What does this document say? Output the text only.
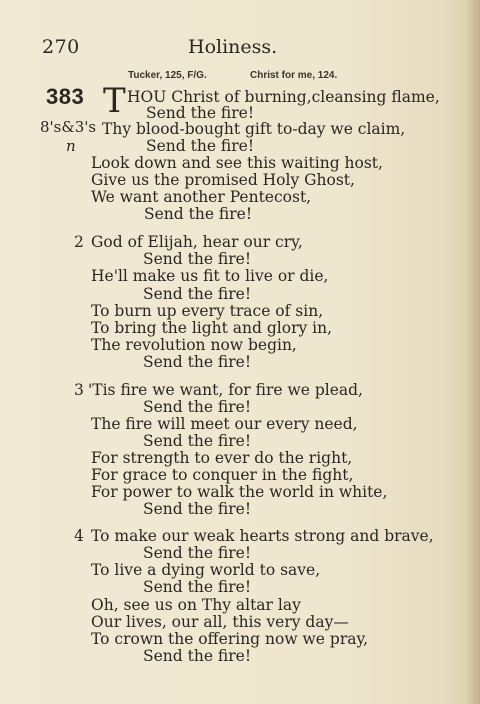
270	Holiness.
Tucker, 125, F/G.	Christ for me, 124.
383 T
8's&3's
n
HOU Christ of burning,cleansing flame,
Send the fire!
Thy blood-bought gift to-day we claim,
Send the fire!
Look down and see this waiting host,
Give us the promised Holy Ghost,
We want another Pentecost,
Send the fire!
2 God of Elijah, hear our cry,
Send the fire!
He'll make us fit to live or die,
Send the fire!
To burn up every trace of sin,
To bring the light and glory in,
The revolution now begin,
Send the fire!
3 'Tis fire we want, for fire we plead,
Send the fire!
The fire will meet our every need,
Send the fire!
For strength to ever do the right,
For grace to conquer in the fight,
For power to walk the world in white,
Send the fire!
4 To make our weak hearts strong and brave,
Send the fire!
To live a dying world to save,
Send the fire!
Oh, see us on Thy altar lay
Our lives, our all, this very day—
To crown the offering now we pray,
Send the fire!
